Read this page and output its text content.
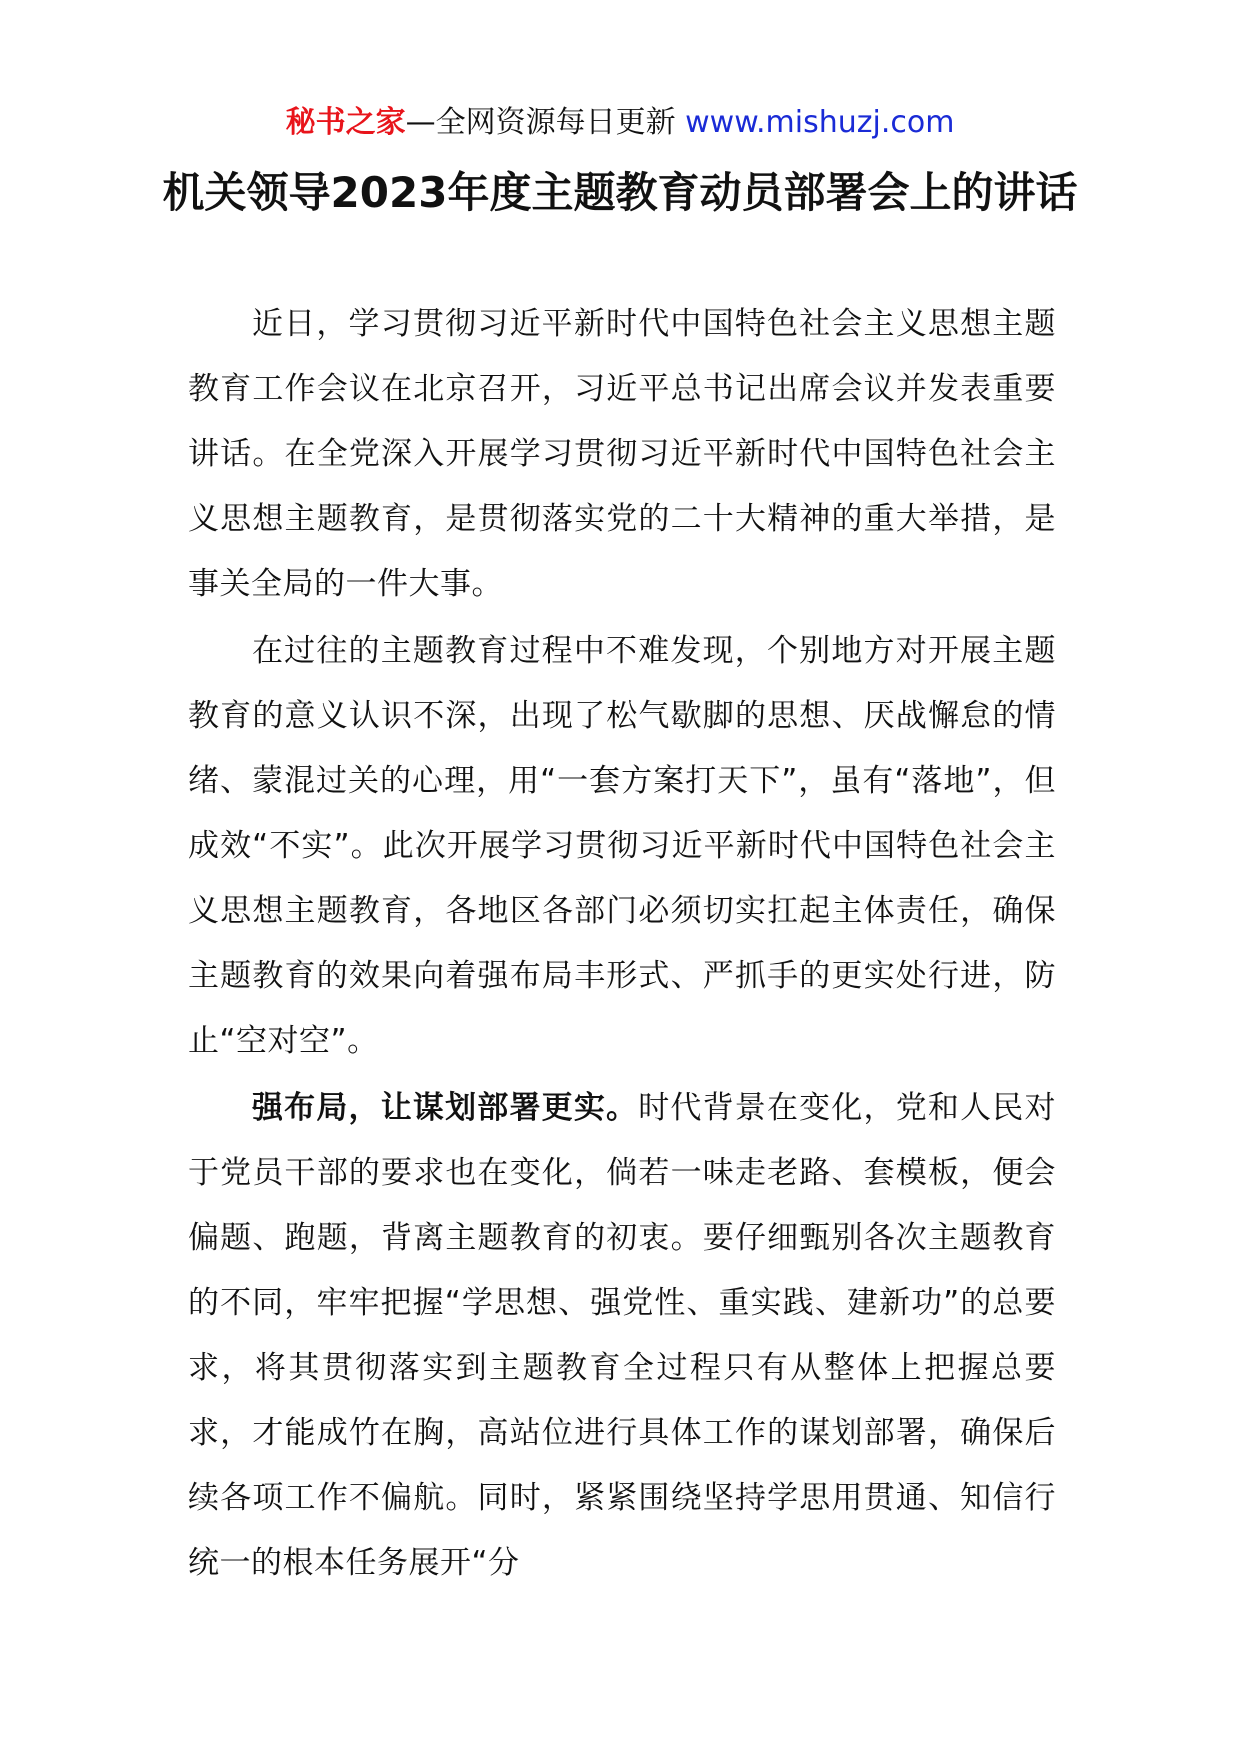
秘书之家—全网资源每日更新 www.mishuzj.com
机关领导2023年度主题教育动员部署会上的讲话

近日，学习贯彻习近平新时代中国特色社会主义思想主题教育工作会议在北京召开，习近平总书记出席会议并发表重要讲话。在全党深入开展学习贯彻习近平新时代中国特色社会主义思想主题教育，是贯彻落实党的二十大精神的重大举措，是事关全局的一件大事。

在过往的主题教育过程中不难发现，个别地方对开展主题教育的意义认识不深，出现了松气歇脚的思想、厌战懈怠的情绪、蒙混过关的心理，用“一套方案打天下”，虽有“落地”，但成效“不实”。此次开展学习贯彻习近平新时代中国特色社会主义思想主题教育，各地区各部门必须切实扛起主体责任，确保主题教育的效果向着强布局丰形式、严抓手的更实处行进，防止“空对空”。

强布局，让谋划部署更实。时代背景在变化，党和人民对于党员干部的要求也在变化，倘若一味走老路、套模板，便会偏题、跑题，背离主题教育的初衷。要仔细甄别各次主题教育的不同，牢牢把握“学思想、强党性、重实践、建新功”的总要求，将其贯彻落实到主题教育全过程只有从整体上把握总要求，才能成竹在胸，高站位进行具体工作的谋划部署，确保后续各项工作不偏航。同时，紧紧围绕坚持学思用贯通、知信行统一的根本任务展开“分
